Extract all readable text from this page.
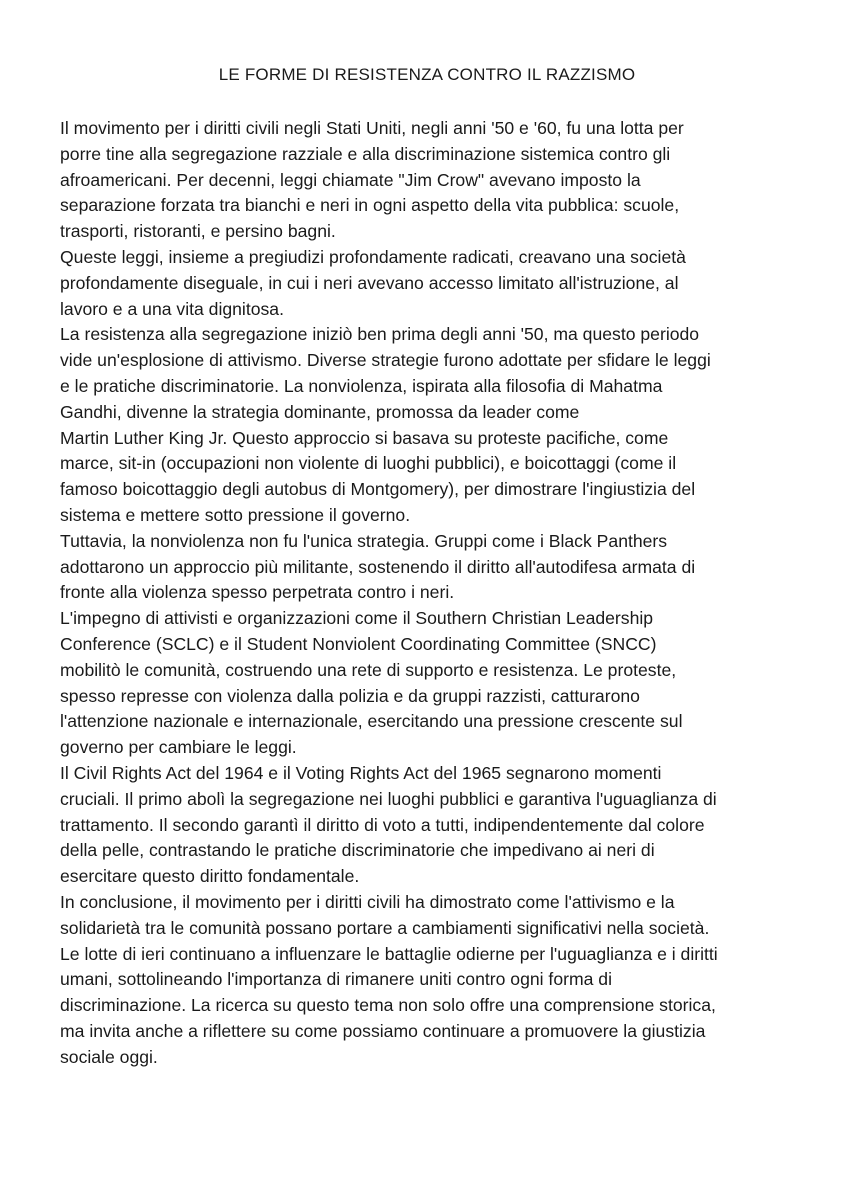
LE FORME DI RESISTENZA CONTRO IL RAZZISMO
Il movimento per i diritti civili negli Stati Uniti, negli anni '50 e '60, fu una lotta per
porre tine alla segregazione razziale e alla discriminazione sistemica contro gli
afroamericani. Per decenni, leggi chiamate "Jim Crow" avevano imposto la
separazione forzata tra bianchi e neri in ogni aspetto della vita pubblica: scuole,
trasporti, ristoranti, e persino bagni.
Queste leggi, insieme a pregiudizi profondamente radicati, creavano una società
profondamente diseguale, in cui i neri avevano accesso limitato all'istruzione, al
lavoro e a una vita dignitosa.
La resistenza alla segregazione iniziò ben prima degli anni '50, ma questo periodo
vide un'esplosione di attivismo. Diverse strategie furono adottate per sfidare le leggi
e le pratiche discriminatorie. La nonviolenza, ispirata alla filosofia di Mahatma
Gandhi, divenne la strategia dominante, promossa da leader come
Martin Luther King Jr. Questo approccio si basava su proteste pacifiche, come
marce, sit-in (occupazioni non violente di luoghi pubblici), e boicottaggi (come il
famoso boicottaggio degli autobus di Montgomery), per dimostrare l'ingiustizia del
sistema e mettere sotto pressione il governo.
Tuttavia, la nonviolenza non fu l'unica strategia. Gruppi come i Black Panthers
adottarono un approccio più militante, sostenendo il diritto all'autodifesa armata di
fronte alla violenza spesso perpetrata contro i neri.
L'impegno di attivisti e organizzazioni come il Southern Christian Leadership
Conference (SCLC) e il Student Nonviolent Coordinating Committee (SNCC)
mobilitò le comunità, costruendo una rete di supporto e resistenza. Le proteste,
spesso represse con violenza dalla polizia e da gruppi razzisti, catturarono
l'attenzione nazionale e internazionale, esercitando una pressione crescente sul
governo per cambiare le leggi.
Il Civil Rights Act del 1964 e il Voting Rights Act del 1965 segnarono momenti
cruciali. Il primo abolì la segregazione nei luoghi pubblici e garantiva l'uguaglianza di
trattamento. Il secondo garantì il diritto di voto a tutti, indipendentemente dal colore
della pelle, contrastando le pratiche discriminatorie che impedivano ai neri di
esercitare questo diritto fondamentale.
In conclusione, il movimento per i diritti civili ha dimostrato come l'attivismo e la
solidarietà tra le comunità possano portare a cambiamenti significativi nella società.
Le lotte di ieri continuano a influenzare le battaglie odierne per l'uguaglianza e i diritti
umani, sottolineando l'importanza di rimanere uniti contro ogni forma di
discriminazione. La ricerca su questo tema non solo offre una comprensione storica,
ma invita anche a riflettere su come possiamo continuare a promuovere la giustizia
sociale oggi.
